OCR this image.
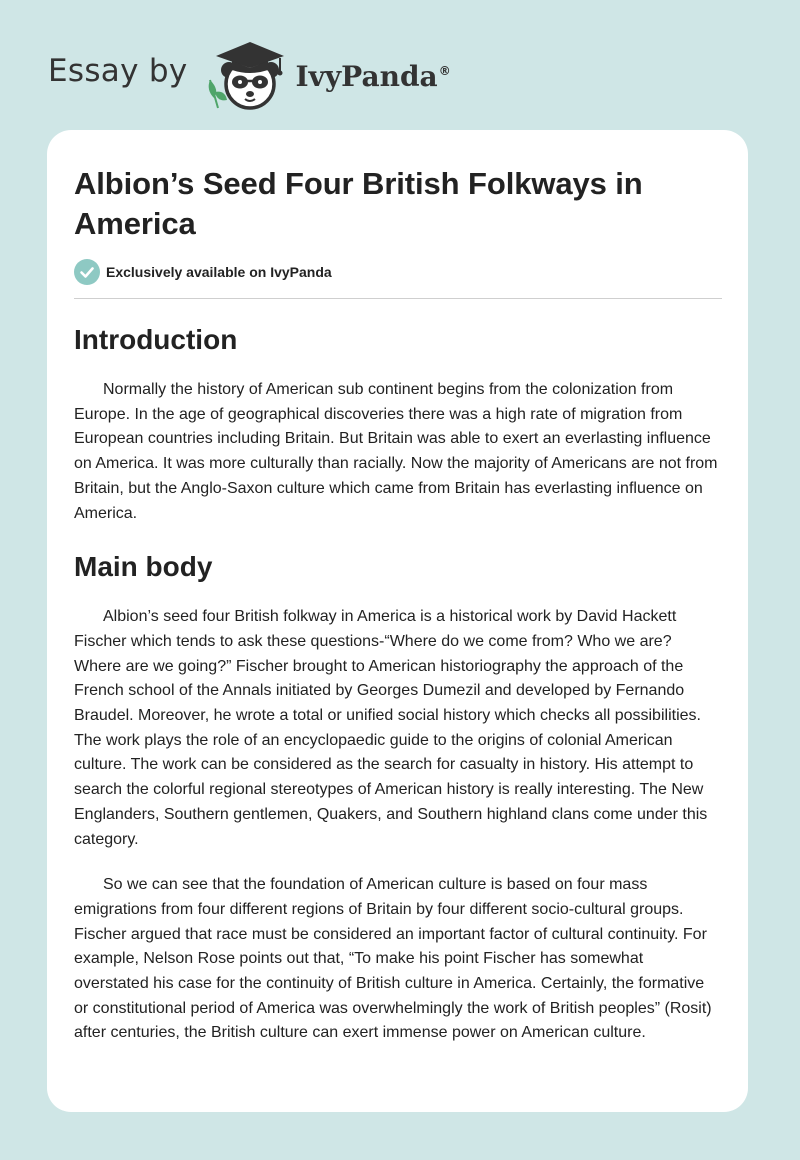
Essay by	IvyPanda®
Albion’s Seed Four British Folkways in America
Exclusively available on IvyPanda
Introduction

Normally the history of American sub continent begins from the colonization from Europe. In the age of geographical discoveries there was a high rate of migration from European countries including Britain. But Britain was able to exert an everlasting influence on America. It was more culturally than racially. Now the majority of Americans are not from Britain, but the Anglo-Saxon culture which came from Britain has everlasting influence on America.

Main body

Albion’s seed four British folkway in America is a historical work by David Hackett Fischer which tends to ask these questions-“Where do we come from? Who we are? Where are we going?” Fischer brought to American historiography the approach of the French school of the Annals initiated by Georges Dumezil and developed by Fernando Braudel. Moreover, he wrote a total or unified social history which checks all possibilities. The work plays the role of an encyclopaedic guide to the origins of colonial American culture. The work can be considered as the search for casualty in history. His attempt to search the colorful regional stereotypes of American history is really interesting. The New Englanders, Southern gentlemen, Quakers, and Southern highland clans come under this category.

So we can see that the foundation of American culture is based on four mass emigrations from four different regions of Britain by four different socio-cultural groups. Fischer argued that race must be considered an important factor of cultural continuity. For example, Nelson Rose points out that, “To make his point Fischer has somewhat overstated his case for the continuity of British culture in America. Certainly, the formative or constitutional period of America was overwhelmingly the work of British peoples” (Rosit) after centuries, the British culture can exert immense power on American culture.
